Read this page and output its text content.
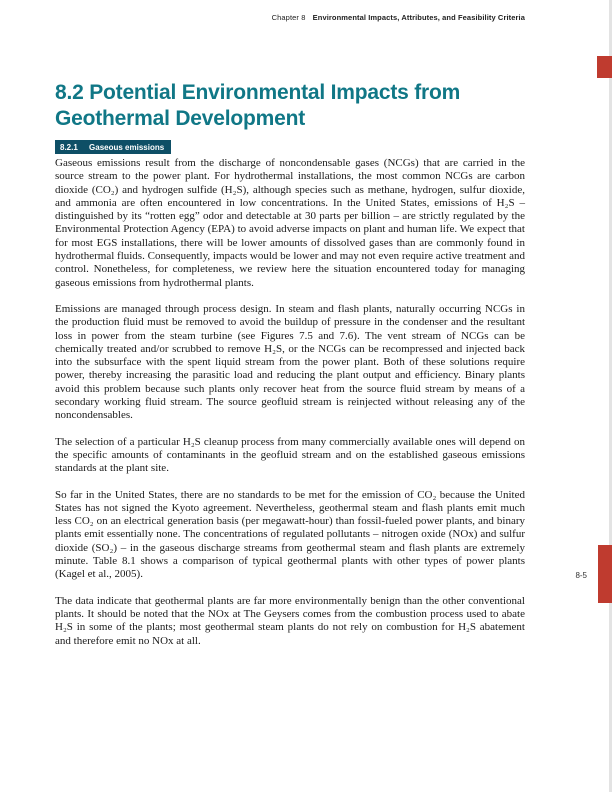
Chapter 8 Environmental Impacts, Attributes, and Feasibility Criteria
8.2 Potential Environmental Impacts from Geothermal Development
8.2.1 Gaseous emissions

Gaseous emissions result from the discharge of noncondensable gases (NCGs) that are carried in the source stream to the power plant. For hydrothermal installations, the most common NCGs are carbon dioxide (CO₂) and hydrogen sulfide (H₂S), although species such as methane, hydrogen, sulfur dioxide, and ammonia are often encountered in low concentrations. In the United States, emissions of H₂S – distinguished by its “rotten egg” odor and detectable at 30 parts per billion – are strictly regulated by the Environmental Protection Agency (EPA) to avoid adverse impacts on plant and human life. We expect that for most EGS installations, there will be lower amounts of dissolved gases than are commonly found in hydrothermal fluids. Consequently, impacts would be lower and may not even require active treatment and control. Nonetheless, for completeness, we review here the situation encountered today for managing gaseous emissions from hydrothermal plants.

Emissions are managed through process design. In steam and flash plants, naturally occurring NCGs in the production fluid must be removed to avoid the buildup of pressure in the condenser and the resultant loss in power from the steam turbine (see Figures 7.5 and 7.6). The vent stream of NCGs can be chemically treated and/or scrubbed to remove H₂S, or the NCGs can be recompressed and injected back into the subsurface with the spent liquid stream from the power plant. Both of these solutions require power, thereby increasing the parasitic load and reducing the plant output and efficiency. Binary plants avoid this problem because such plants only recover heat from the source fluid stream by means of a secondary working fluid stream. The source geofluid stream is reinjected without releasing any of the noncondensables.

The selection of a particular H₂S cleanup process from many commercially available ones will depend on the specific amounts of contaminants in the geofluid stream and on the established gaseous emissions standards at the plant site.

So far in the United States, there are no standards to be met for the emission of CO₂ because the United States has not signed the Kyoto agreement. Nevertheless, geothermal steam and flash plants emit much less CO₂ on an electrical generation basis (per megawatt-hour) than fossil-fueled power plants, and binary plants emit essentially none. The concentrations of regulated pollutants – nitrogen oxide (NOx) and sulfur dioxide (SO₂) – in the gaseous discharge streams from geothermal steam and flash plants are extremely minute. Table 8.1 shows a comparison of typical geothermal plants with other types of power plants (Kagel et al., 2005).

The data indicate that geothermal plants are far more environmentally benign than the other conventional plants. It should be noted that the NOx at The Geysers comes from the combustion process used to abate H₂S in some of the plants; most geothermal steam plants do not rely on combustion for H₂S abatement and therefore emit no NOx at all.

8-5
